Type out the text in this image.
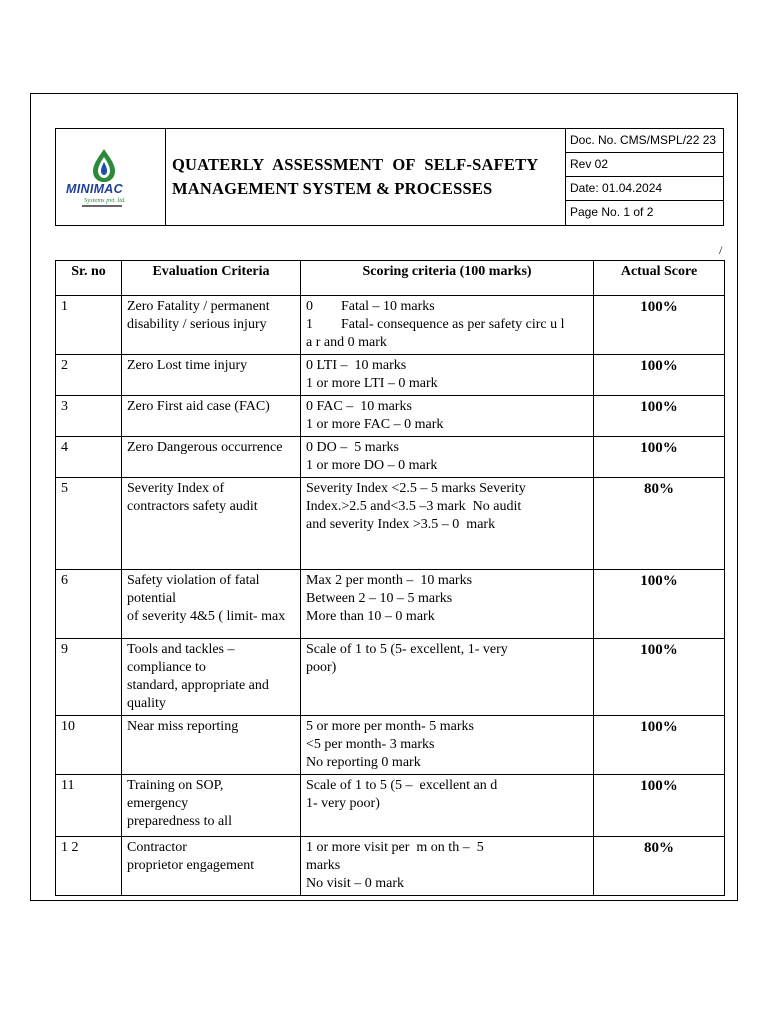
MINIMAC
Systems pvt. ltd.
QUATERLY ASSESSMENT OF SELF-SAFETY
MANAGEMENT SYSTEM & PROCESSES
Doc. No. CMS/MSPL/22 23
Rev 02
Date: 01.04.2024
Page No. 1 of 2
/
Sr. no	Evaluation Criteria	Scoring criteria (100 marks)	Actual Score
1	Zero Fatality / permanent
disability / serious injury	0        Fatal – 10 marks
1        Fatal- consequence as per safety circ u l
a r and 0 mark	100%
2	Zero Lost time injury	0 LTI –  10 marks
1 or more LTI – 0 mark	100%
3	Zero First aid case (FAC)	0 FAC –  10 marks
1 or more FAC – 0 mark	100%
4	Zero Dangerous occurrence	0 DO –  5 marks
1 or more DO – 0 mark	100%
5	Severity Index of
contractors safety audit	Severity Index <2.5 – 5 marks Severity
Index.>2.5 and<3.5 –3 mark  No audit
and severity Index >3.5 – 0  mark	80%
6	Safety violation of fatal
potential
of severity 4&5 ( limit- max	Max 2 per month –  10 marks
Between 2 – 10 – 5 marks
More than 10 – 0 mark	100%
9	Tools and tackles –
compliance to
standard, appropriate and
quality	Scale of 1 to 5 (5- excellent, 1- very
poor)	100%
10	Near miss reporting	5 or more per month- 5 marks
<5 per month- 3 marks
No reporting 0 mark	100%
11	Training on SOP,
emergency
preparedness to all	Scale of 1 to 5 (5 –  excellent an d
1- very poor)	100%
1 2	Contractor
proprietor engagement	1 or more visit per  m on th –  5
marks
No visit – 0 mark	80%
